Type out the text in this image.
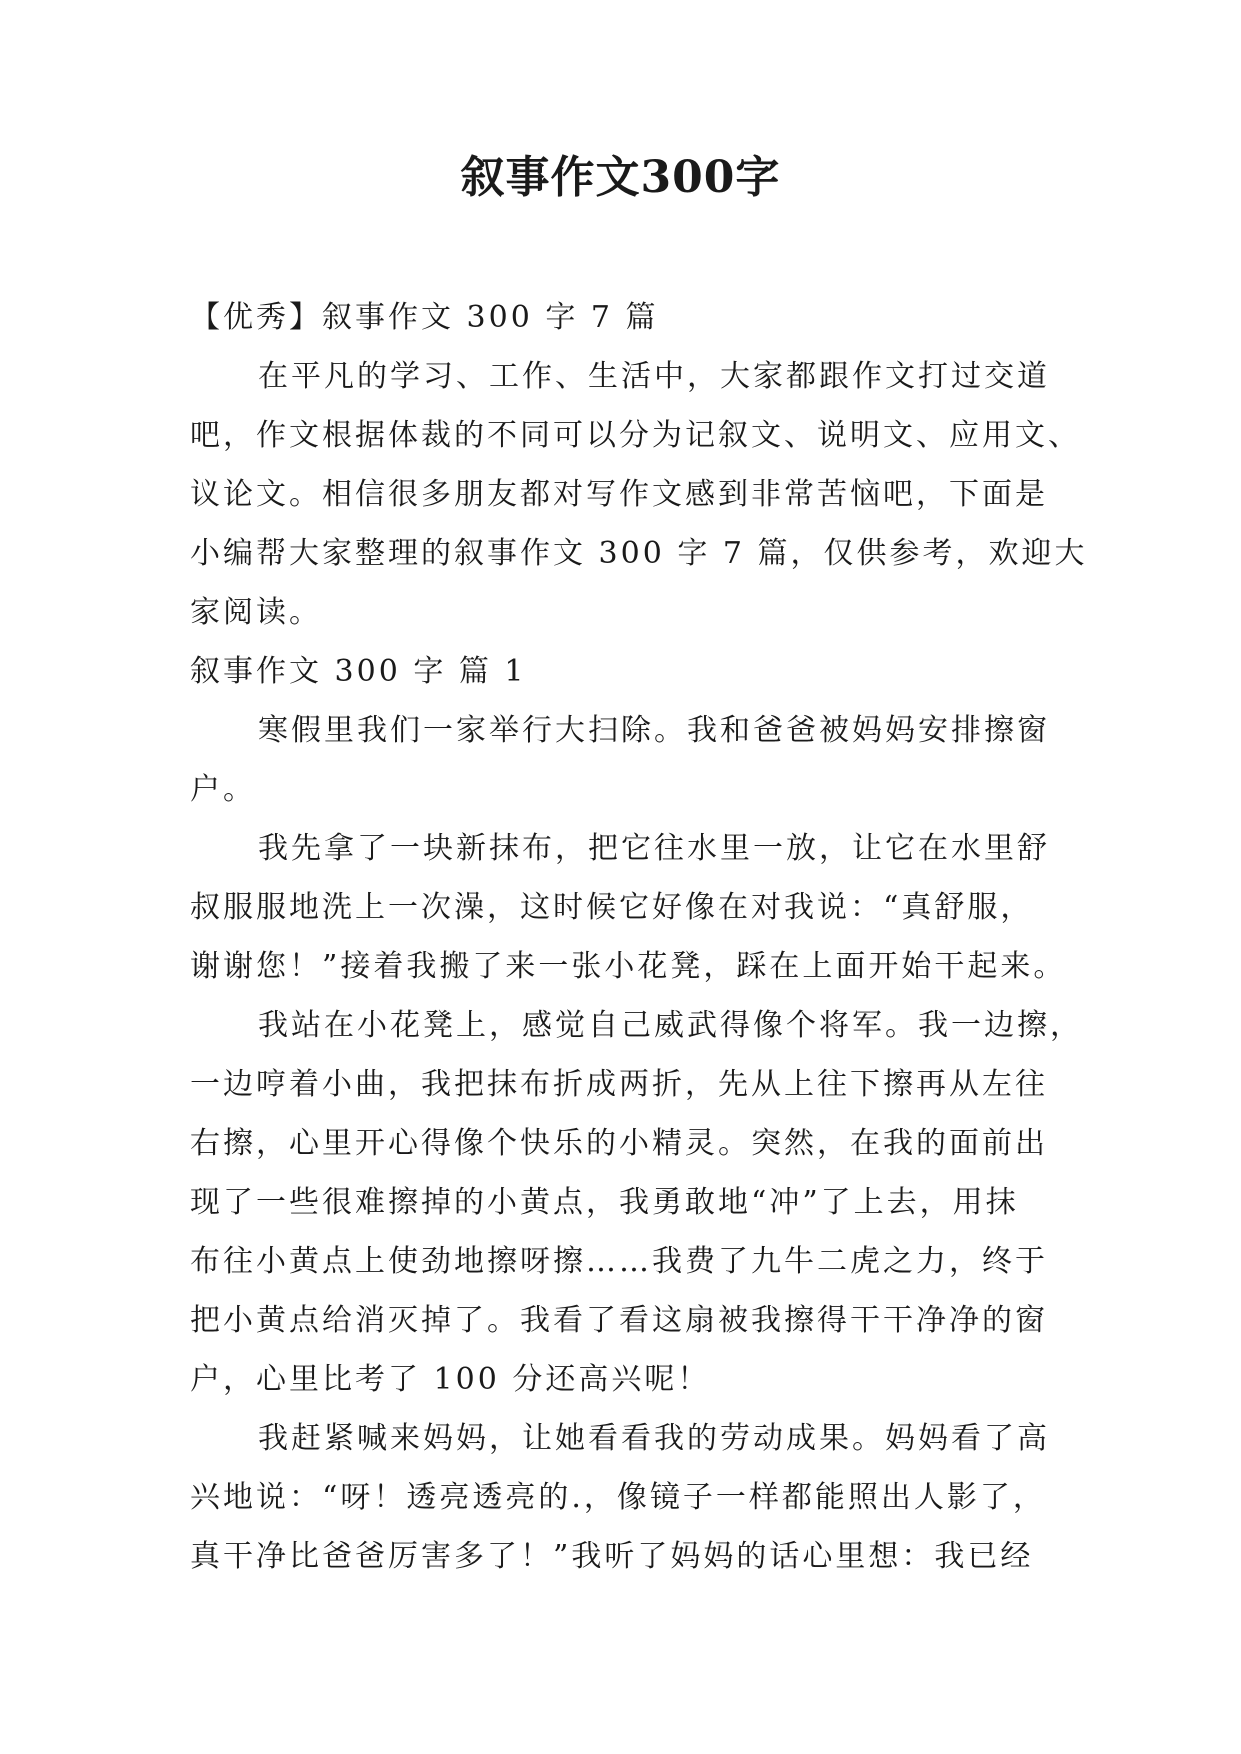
叙事作文300字
【优秀】叙事作文 300 字 7 篇
在平凡的学习、工作、生活中，大家都跟作文打过交道
吧，作文根据体裁的不同可以分为记叙文、说明文、应用文、
议论文。相信很多朋友都对写作文感到非常苦恼吧，下面是
小编帮大家整理的叙事作文 300 字 7 篇，仅供参考，欢迎大
家阅读。
叙事作文 300 字 篇 1
寒假里我们一家举行大扫除。我和爸爸被妈妈安排擦窗
户。
我先拿了一块新抹布，把它往水里一放，让它在水里舒
叔服服地洗上一次澡，这时候它好像在对我说：“真舒服，
谢谢您！”接着我搬了来一张小花凳，踩在上面开始干起来。
我站在小花凳上，感觉自己威武得像个将军。我一边擦，
一边哼着小曲，我把抹布折成两折，先从上往下擦再从左往
右擦，心里开心得像个快乐的小精灵。突然，在我的面前出
现了一些很难擦掉的小黄点，我勇敢地“冲”了上去，用抹
布往小黄点上使劲地擦呀擦……我费了九牛二虎之力，终于
把小黄点给消灭掉了。我看了看这扇被我擦得干干净净的窗
户，心里比考了 100 分还高兴呢！
我赶紧喊来妈妈，让她看看我的劳动成果。妈妈看了高
兴地说：“呀！透亮透亮的.，像镜子一样都能照出人影了，
真干净比爸爸厉害多了！”我听了妈妈的话心里想：我已经
